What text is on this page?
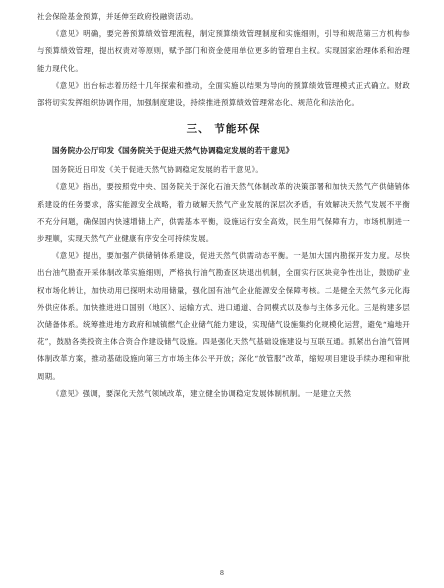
社会保险基金预算，并延伸至政府投融资活动。

《意见》明确，要完善预算绩效管理流程，制定预算绩效管理制度和实施细则，引导和规范第三方机构参与预算绩效管理，提出权责对等原则，赋予部门和资金使用单位更多的管理自主权。实现国家治理体系和治理能力现代化。

《意见》出台标志着历经十几年探索和推动，全面实施以结果为导向的预算绩效管理模式正式确立。财政部将切实发挥组织协调作用，加强制度建设，持续推进预算绩效管理常态化、规范化和法治化。

三、 节能环保
国务院办公厅印发《国务院关于促进天然气协调稳定发展的若干意见》

国务院近日印发《关于促进天然气协调稳定发展的若干意见》。

《意见》指出，要按照党中央、国务院关于深化石油天然气体制改革的决策部署和加快天然气产供储销体系建设的任务要求，落实能源安全战略，着力破解天然气产业发展的深层次矛盾，有效解决天然气发展不平衡不充分问题，确保国内快速增储上产，供需基本平衡，设施运行安全高效，民生用气保障有力，市场机制进一步理顺，实现天然气产业健康有序安全可持续发展。

《意见》提出，要加强产供储销体系建设，促进天然气供需动态平衡。一是加大国内勘探开发力度。尽快出台油气勘查开采体制改革实施细则，严格执行油气勘查区块退出机制，全面实行区块竞争性出让，鼓励矿业权市场化转让，加快动用已探明未动用储量，强化国有油气企业能源安全保障考核。二是健全天然气多元化海外供应体系。加快推进进口国别（地区）、运输方式、进口通道、合同模式以及参与主体多元化。三是构建多层次储备体系。统筹推进地方政府和城镇燃气企业储气能力建设，实现储气设施集约化规模化运营，避免“遍地开花”，鼓励各类投资主体合资合作建设储气设施。四是强化天然气基础设施建设与互联互通。抓紧出台油气管网体制改革方案，推动基础设施向第三方市场主体公平开放；深化“放管服”改革，缩短项目建设手续办理和审批周期。

《意见》强调，要深化天然气领域改革，建立健全协调稳定发展体制机制。一是建立天然

8
